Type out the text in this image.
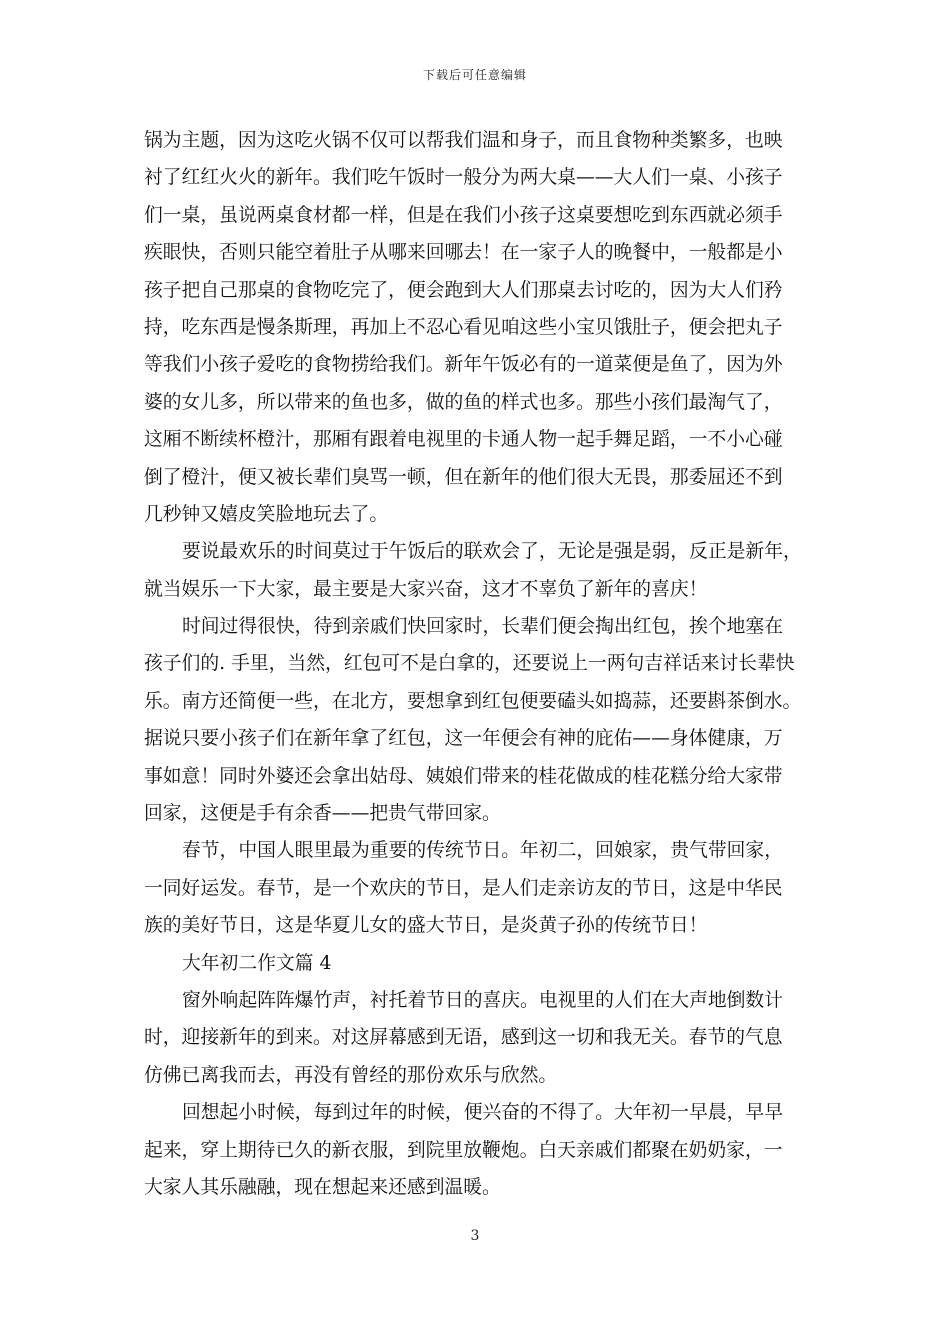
下载后可任意编辑
锅为主题，因为这吃火锅不仅可以帮我们温和身子，而且食物种类繁多，也映
衬了红红火火的新年。我们吃午饭时一般分为两大桌——大人们一桌、小孩子
们一桌，虽说两桌食材都一样，但是在我们小孩子这桌要想吃到东西就必须手
疾眼快，否则只能空着肚子从哪来回哪去！在一家子人的晚餐中，一般都是小
孩子把自己那桌的食物吃完了，便会跑到大人们那桌去讨吃的，因为大人们矜
持，吃东西是慢条斯理，再加上不忍心看见咱这些小宝贝饿肚子，便会把丸子
等我们小孩子爱吃的食物捞给我们。新年午饭必有的一道菜便是鱼了，因为外
婆的女儿多，所以带来的鱼也多，做的鱼的样式也多。那些小孩们最淘气了，
这厢不断续杯橙汁，那厢有跟着电视里的卡通人物一起手舞足蹈，一不小心碰
倒了橙汁，便又被长辈们臭骂一顿，但在新年的他们很大无畏，那委屈还不到
几秒钟又嬉皮笑脸地玩去了。
要说最欢乐的时间莫过于午饭后的联欢会了，无论是强是弱，反正是新年，
就当娱乐一下大家，最主要是大家兴奋，这才不辜负了新年的喜庆！
时间过得很快，待到亲戚们快回家时，长辈们便会掏出红包，挨个地塞在
孩子们的. 手里，当然，红包可不是白拿的，还要说上一两句吉祥话来讨长辈快
乐。南方还简便一些，在北方，要想拿到红包便要磕头如捣蒜，还要斟茶倒水。
据说只要小孩子们在新年拿了红包，这一年便会有神的庇佑——身体健康，万
事如意！同时外婆还会拿出姑母、姨娘们带来的桂花做成的桂花糕分给大家带
回家，这便是手有余香——把贵气带回家。
春节，中国人眼里最为重要的传统节日。年初二，回娘家，贵气带回家，
一同好运发。春节，是一个欢庆的节日，是人们走亲访友的节日，这是中华民
族的美好节日，这是华夏儿女的盛大节日，是炎黄子孙的传统节日！
大年初二作文篇 4
窗外响起阵阵爆竹声，衬托着节日的喜庆。电视里的人们在大声地倒数计
时，迎接新年的到来。对这屏幕感到无语，感到这一切和我无关。春节的气息
仿佛已离我而去，再没有曾经的那份欢乐与欣然。
回想起小时候，每到过年的时候，便兴奋的不得了。大年初一早晨，早早
起来，穿上期待已久的新衣服，到院里放鞭炮。白天亲戚们都聚在奶奶家，一
大家人其乐融融，现在想起来还感到温暖。
3
